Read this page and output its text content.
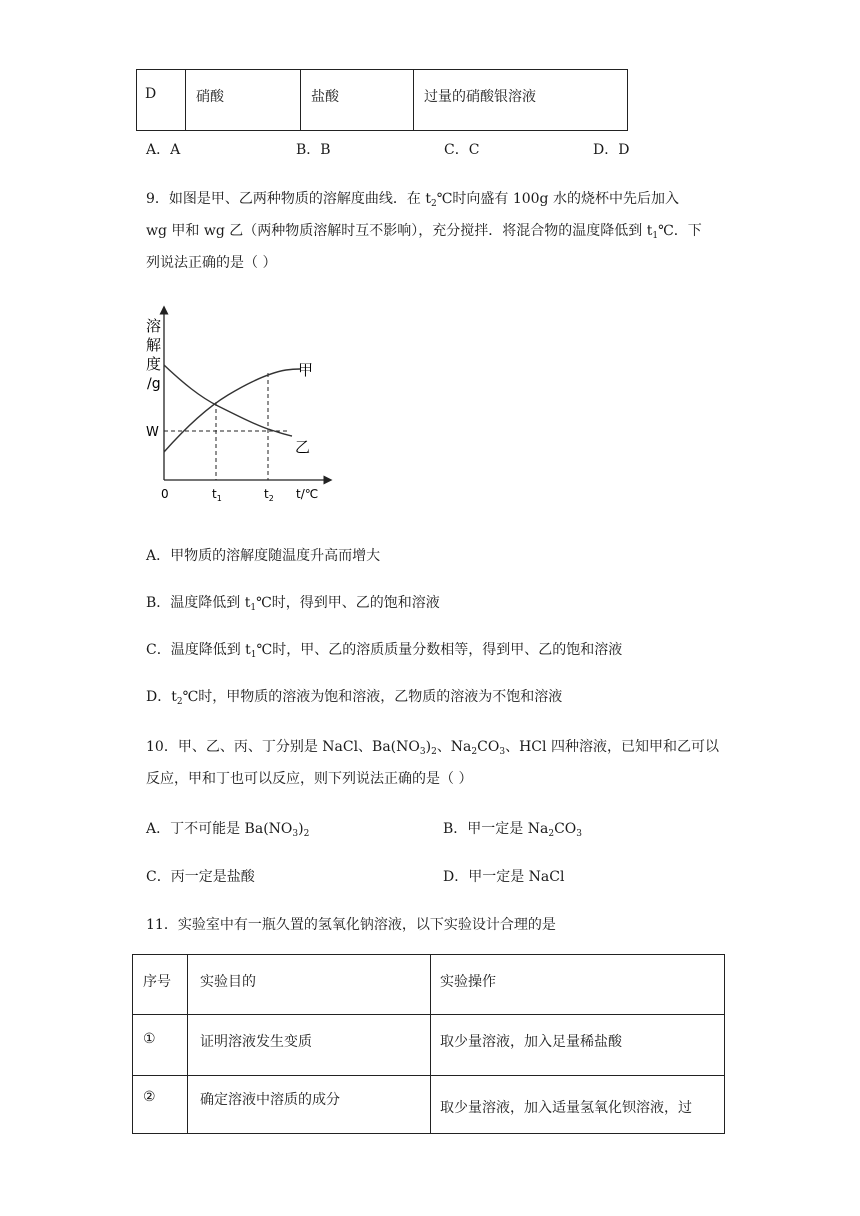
D	硝酸	盐酸	过量的硝酸银溶液
A．A	B．B	C．C	D．D
9．如图是甲、乙两种物质的溶解度曲线．在 $t_2℃$时向盛有 100g 水的烧杯中先后加入
wg 甲和 wg 乙（两种物质溶解时互不影响），充分搅拌．将混合物的温度降低到 $t_1℃$．下
列说法正确的是（ ）
溶
解
度
/g
W
甲
乙
0	$t_1$	$t_2$ t/℃
A．甲物质的溶解度随温度升高而增大
B．温度降低到 $t_1℃$时，得到甲、乙的饱和溶液
C．温度降低到 $t_1℃$时，甲、乙的溶质质量分数相等，得到甲、乙的饱和溶液
D．$t_2℃$时，甲物质的溶液为饱和溶液，乙物质的溶液为不饱和溶液
10．甲、乙、丙、丁分别是 NaCl、$Ba(NO_3)_2$、$Na_2CO_3$、HCl 四种溶液，已知甲和乙可以
反应，甲和丁也可以反应，则下列说法正确的是（ ）
A．丁不可能是 $Ba(NO_3)_2$	B．甲一定是 $Na_2CO_3$
C．丙一定是盐酸	D．甲一定是 NaCl
11．实验室中有一瓶久置的氢氧化钠溶液，以下实验设计合理的是
序号	实验目的	实验操作

①	证明溶液发生变质	取少量溶液，加入足量稀盐酸

②	确定溶液中溶质的成分	取少量溶液，加入适量氢氧化钡溶液，过
